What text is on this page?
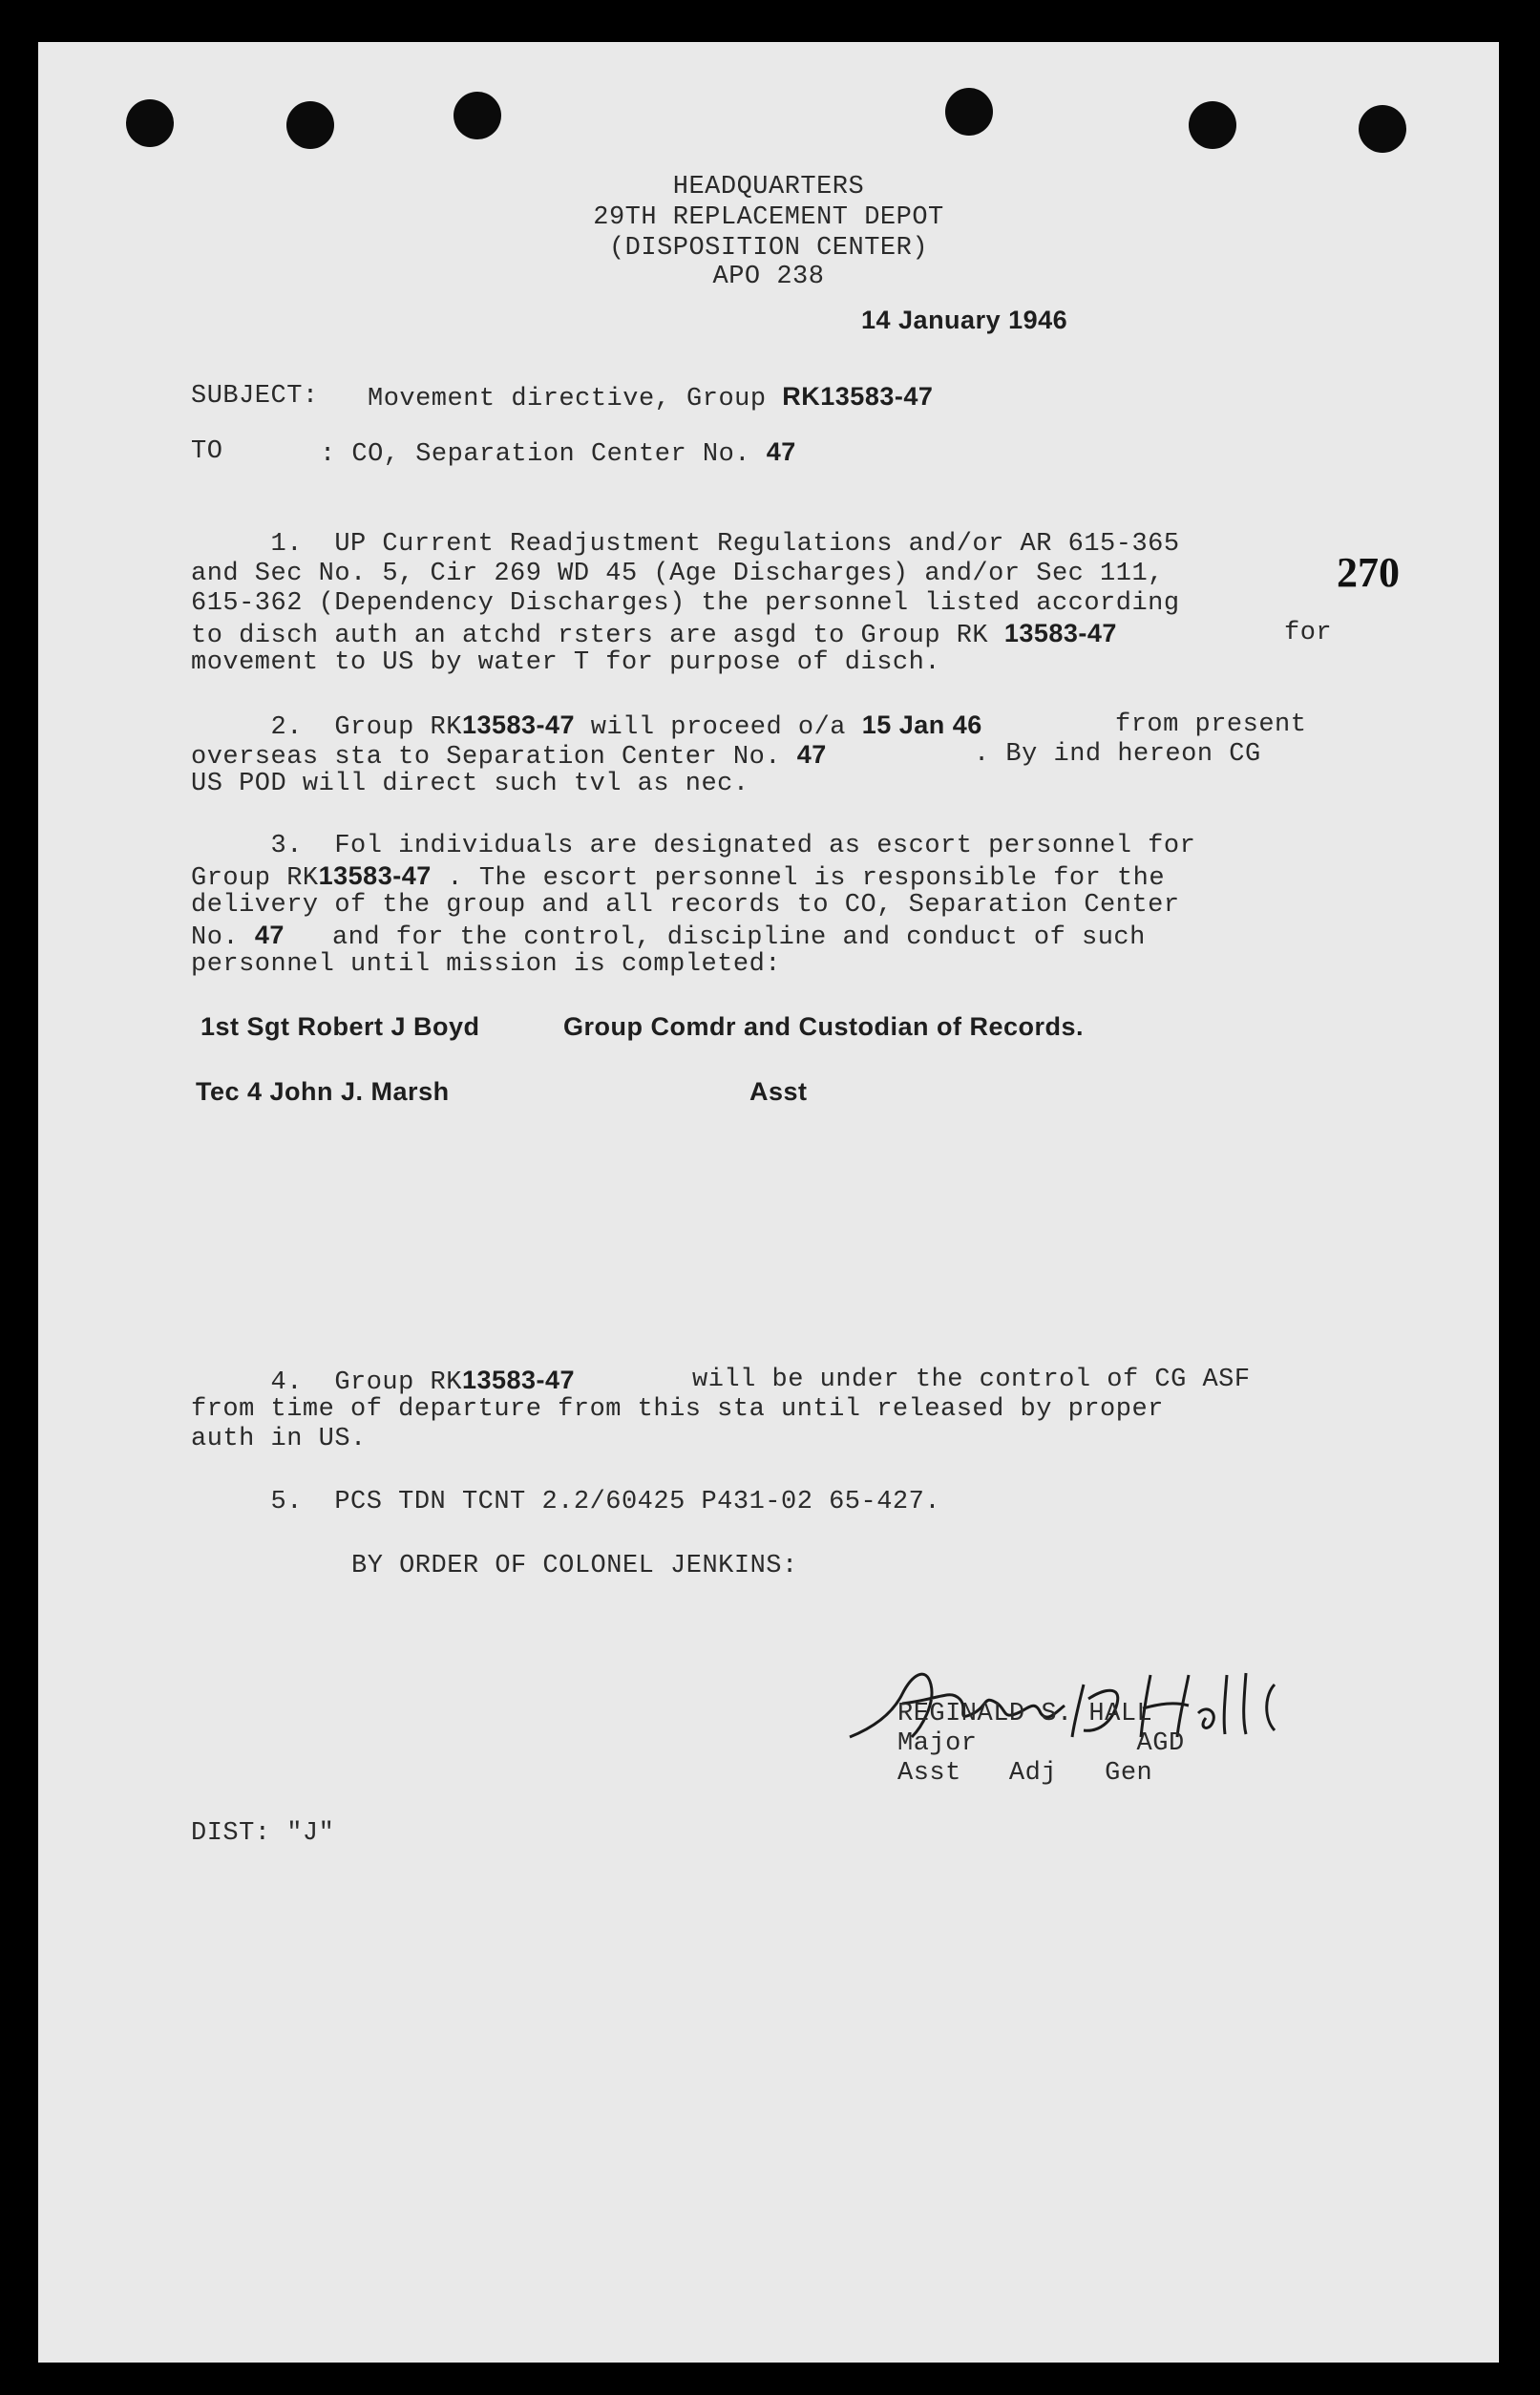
HEADQUARTERS
29TH REPLACEMENT DEPOT
(DISPOSITION CENTER)
APO 238
14 January 1946
SUBJECT: Movement directive, Group RK13583-47
TO	: CO, Separation Center No. 47
270
1.  UP Current Readjustment Regulations and/or AR 615-365
and Sec No. 5, Cir 269 WD 45 (Age Discharges) and/or Sec 111,
615-362 (Dependency Discharges) the personnel listed according
to disch auth an atchd rsters are asgd to Group RK 13583-47	for
movement to US by water T for purpose of disch.
2.  Group RK13583-47 will proceed o/a 15 Jan 46	from present
overseas sta to Separation Center No. 47	. By ind hereon CG
US POD will direct such tvl as nec.
3.  Fol individuals are designated as escort personnel for
Group RK13583-47 . The escort personnel is responsible for the
delivery of the group and all records to CO, Separation Center
No. 47   and for the control, discipline and conduct of such
personnel until mission is completed:
1st Sgt Robert J Boyd	Group Comdr and Custodian of Records.
Tec 4 John J. Marsh	Asst
4.  Group RK13583-47	will be under the control of CG ASF
from time of departure from this sta until released by proper
auth in US.
5.  PCS TDN TCNT 2.2/60425 P431-02 65-427.
BY ORDER OF COLONEL JENKINS:
REGINALD S. HALL
Major          AGD
Asst   Adj   Gen
DIST: "J"
